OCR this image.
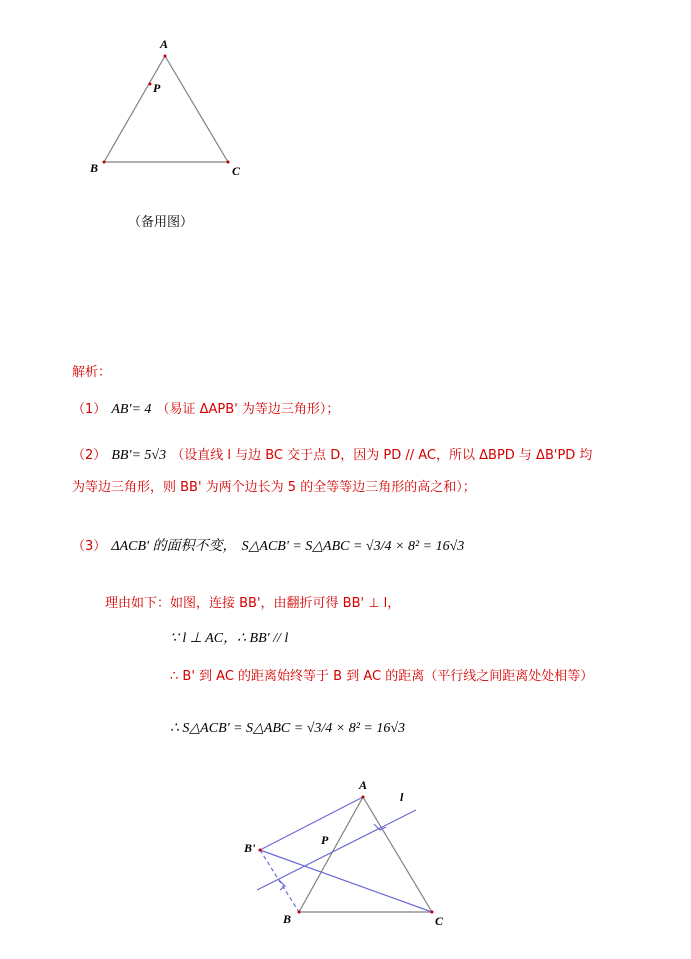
A
P
B	C
（备用图）
解析：
（1） AB'= 4 （易证 ΔAPB' 为等边三角形）；
（2） BB'= 5√3 （设直线 l 与边 BC 交于点 D，因为 PD // AC，所以 ΔBPD 与 ΔB'PD 均
为等边三角形，则 BB' 为两个边长为 5 的全等等边三角形的高之和）；
（3） ΔACB' 的面积不变， S△ACB' = S△ABC = √3/4 × 8² = 16√3
理由如下：如图，连接 BB'，由翻折可得 BB' ⊥ l，
∵ l ⊥ AC，∴ BB' // l
∴ B' 到 AC 的距离始终等于 B 到 AC 的距离（平行线之间距离处处相等）
∴ S△ACB' = S△ABC = √3/4 × 8² = 16√3
A
l
P
B'
B	C
